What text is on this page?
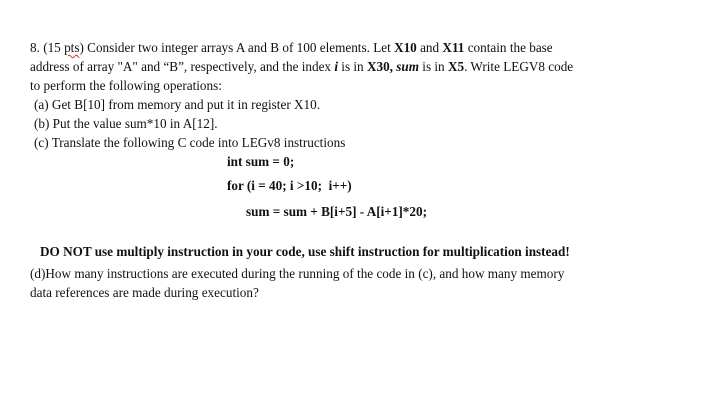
8. (15 pts) Consider two integer arrays A and B of 100 elements. Let X10 and X11 contain the base
address of array "A" and “B”, respectively, and the index i is in X30, sum is in X5. Write LEGV8 code
to perform the following operations:
(a) Get B[10] from memory and put it in register X10.
(b) Put the value sum*10 in A[12].
(c) Translate the following C code into LEGv8 instructions
int sum = 0;
for (i = 40; i >10;  i++)
sum = sum + B[i+5] - A[i+1]*20;
DO NOT use multiply instruction in your code, use shift instruction for multiplication instead!
(d)How many instructions are executed during the running of the code in (c), and how many memory
data references are made during execution?
